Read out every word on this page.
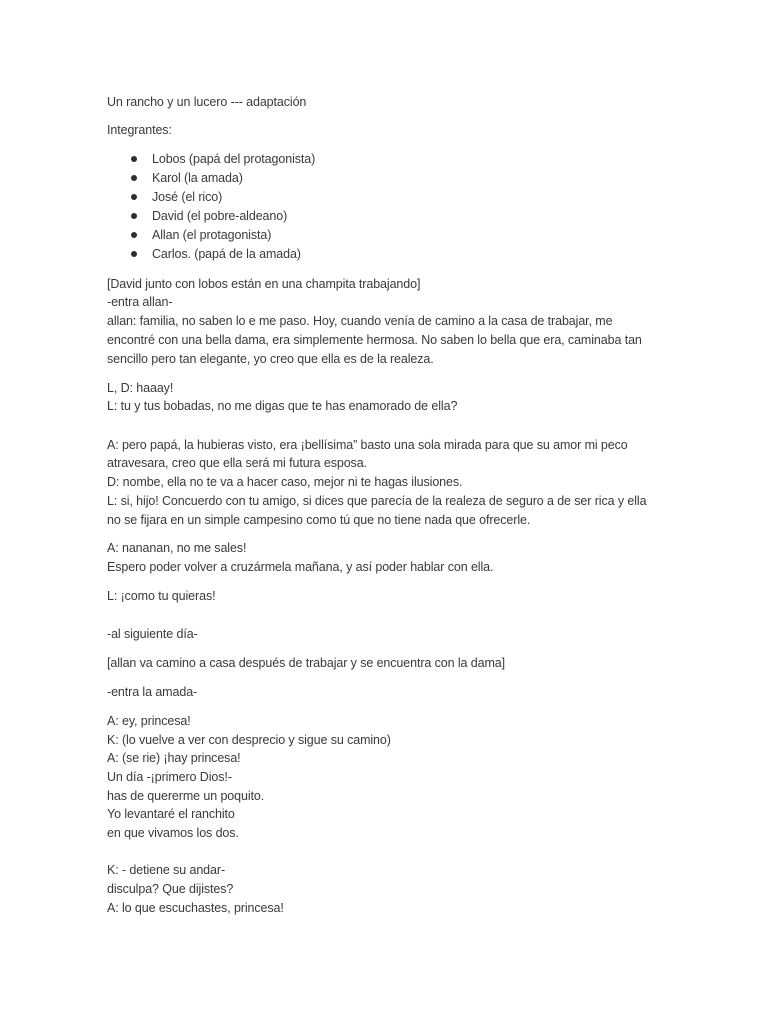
Un rancho y un lucero --- adaptación
Integrantes:
Lobos (papá del protagonista)
Karol (la amada)
José (el rico)
David (el pobre-aldeano)
Allan (el protagonista)
Carlos. (papá de la amada)
[David junto con lobos están en una champita trabajando]
-entra allan-
allan: familia, no saben lo e me paso. Hoy, cuando venía de camino a la casa de trabajar, me
encontré con una bella dama, era simplemente hermosa. No saben lo bella que era, caminaba tan
sencillo pero tan elegante, yo creo que ella es de la realeza.
L, D: haaay!
L: tu y tus bobadas, no me digas que te has enamorado de ella?
A: pero papá, la hubieras visto, era ¡bellísima” basto una sola mirada para que su amor mi peco
atravesara, creo que ella será mi futura esposa.
D: nombe, ella no te va a hacer caso, mejor ni te hagas ilusiones.
L: si, hijo! Concuerdo con tu amigo, si dices que parecía de la realeza de seguro a de ser rica y ella
no se fijara en un simple campesino como tú que no tiene nada que ofrecerle.
A: nananan, no me sales!
Espero poder volver a cruzármela mañana, y así poder hablar con ella.
L: ¡como tu quieras!
-al siguiente día-
[allan va camino a casa después de trabajar y se encuentra con la dama]
-entra la amada-
A: ey, princesa!
K: (lo vuelve a ver con desprecio y sigue su camino)
A: (se rie) ¡hay princesa!
Un día -¡primero Dios!-
has de quererme un poquito.
Yo levantaré el ranchito
en que vivamos los dos.
K: - detiene su andar-
disculpa? Que dijistes?
A: lo que escuchastes, princesa!
